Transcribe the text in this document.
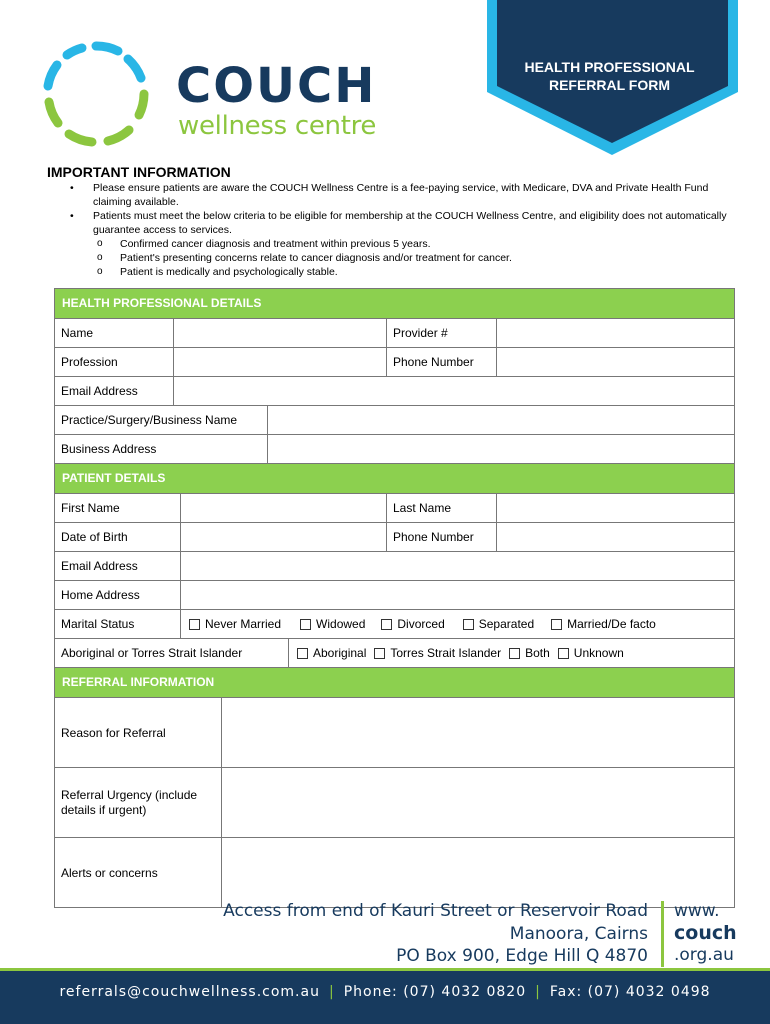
HEALTH PROFESSIONAL
REFERRAL FORM
COUCH
wellness centre
IMPORTANT INFORMATION
• Please ensure patients are aware the COUCH Wellness Centre is a fee-paying service, with Medicare, DVA and Private Health Fund claiming available.
• Patients must meet the below criteria to be eligible for membership at the COUCH Wellness Centre, and eligibility does not automatically guarantee access to services.
o Confirmed cancer diagnosis and treatment within previous 5 years.
o Patient's presenting concerns relate to cancer diagnosis and/or treatment for cancer.
o Patient is medically and psychologically stable.
HEALTH PROFESSIONAL DETAILS
Name	Provider #
Profession	Phone Number
Email Address
Practice/Surgery/Business Name
Business Address
PATIENT DETAILS
First Name	Last Name
Date of Birth	Phone Number
Email Address
Home Address
Marital Status	Never Married	Widowed	Divorced	Separated	Married/De facto
Aboriginal or Torres Strait Islander	Aboriginal Torres Strait Islander Both Unknown
REFERRAL INFORMATION
Reason for Referral
Referral Urgency (include details if urgent)
Alerts or concerns
Access from end of Kauri Street or Reservoir Road
Manoora, Cairns
PO Box 900, Edge Hill Q 4870
www.
couch
.org.au
referrals@couchwellness.com.au | Phone: (07) 4032 0820 | Fax: (07) 4032 0498
